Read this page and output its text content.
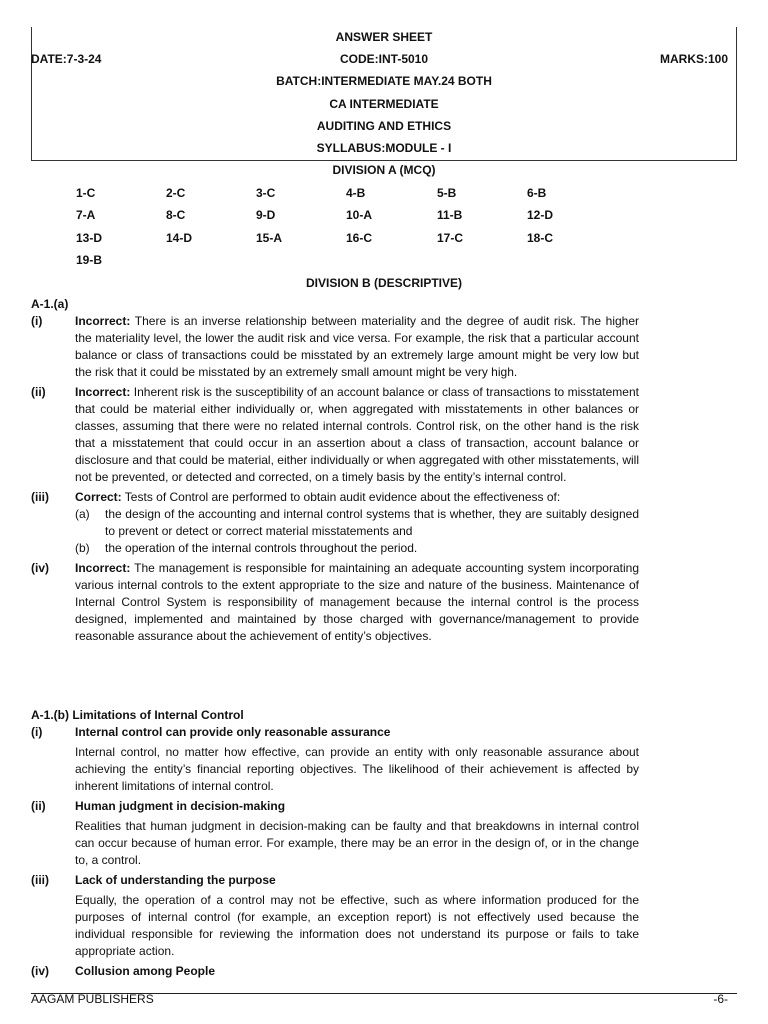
ANSWER SHEET
DATE:7-3-24	CODE:INT-5010	MARKS:100
BATCH:INTERMEDIATE MAY.24 BOTH
CA INTERMEDIATE
AUDITING AND ETHICS
SYLLABUS:MODULE - I
DIVISION A (MCQ)
1-C	2-C	3-C	4-B	5-B	6-B
7-A	8-C	9-D	10-A	11-B	12-D
13-D	14-D	15-A	16-C	17-C	18-C
19-B
DIVISION B (DESCRIPTIVE)
A-1.(a)
(i)	Incorrect: There is an inverse relationship between materiality and the degree of audit risk. The higher the materiality level, the lower the audit risk and vice versa. For example, the risk that a particular account balance or class of transactions could be misstated by an extremely large amount might be very low but the risk that it could be misstated by an extremely small amount might be very high.
(ii) Incorrect: Inherent risk is the susceptibility of an account balance or class of transactions to misstatement that could be material either individually or, when aggregated with misstatements in other balances or classes, assuming that there were no related internal controls. Control risk, on the other hand is the risk that a misstatement that could occur in an assertion about a class of transaction, account balance or disclosure and that could be material, either individually or when aggregated with other misstatements, will not be prevented, or detected and corrected, on a timely basis by the entity’s internal control.
(iii) Correct: Tests of Control are performed to obtain audit evidence about the effectiveness of:
(a) the design of the accounting and internal control systems that is whether, they are suitably designed to prevent or detect or correct material misstatements and
(b) the operation of the internal controls throughout the period.
(iv) Incorrect: The management is responsible for maintaining an adequate accounting system incorporating various internal controls to the extent appropriate to the size and nature of the business. Maintenance of Internal Control System is responsibility of management because the internal control is the process designed, implemented and maintained by those charged with governance/management to provide reasonable assurance about the achievement of entity’s objectives.
A-1.(b) Limitations of Internal Control
(i)	Internal control can provide only reasonable assurance
Internal control, no matter how effective, can provide an entity with only reasonable assurance about achieving the entity’s financial reporting objectives. The likelihood of their achievement is affected by inherent limitations of internal control.
(ii) Human judgment in decision-making
Realities that human judgment in decision-making can be faulty and that breakdowns in internal control can occur because of human error. For example, there may be an error in the design of, or in the change to, a control.
(iii) Lack of understanding the purpose
Equally, the operation of a control may not be effective, such as where information produced for the purposes of internal control (for example, an exception report) is not effectively used because the individual responsible for reviewing the information does not understand its purpose or fails to take appropriate action.
(iv) Collusion among People
AAGAM PUBLISHERS	-6-
